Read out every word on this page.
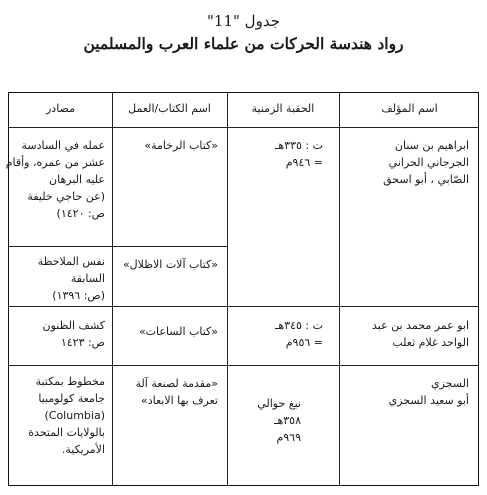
جدول "11"
رواد هندسة الحركات من علماء العرب والمسلمين
اسم المؤلف
الحقبة الزمنية
اسم الكتاب/العمل
مصادر
ابراهيم بن سنان
الجرجاني الحراني
الصّابي ، أبو اسحق
ت : ٣٣٥هـ
= ٩٤٦م
«كتاب الرخامة»
عمله في السادسة
عشر من عمره، وأقام
عليه البرهان
(عن حاجي خليفة
ص: ١٤٢٠)
«كتاب آلات الاظلال»
نفس الملاحظة
السابقة
(ص: ١٣٩٦)
ابو عمر محمد بن عبد
الواحد غلام ثعلب
ت : ٣٤٥هـ
= ٩٥٦م
«كتاب الساعات»
كشف الظنون
ص: ١٤٢٣
السجزي
أبو سعيد السجزي
نبغ حوالي
٣٥٨هـ
٩٦٩م
«مقدمة لصنعة آلة
تعرف بها الابعاد»
مخطوط بمكتبة
جامعة كولومبيا
(Columbia)
بالولايات المتحدة
الأمريكية.
